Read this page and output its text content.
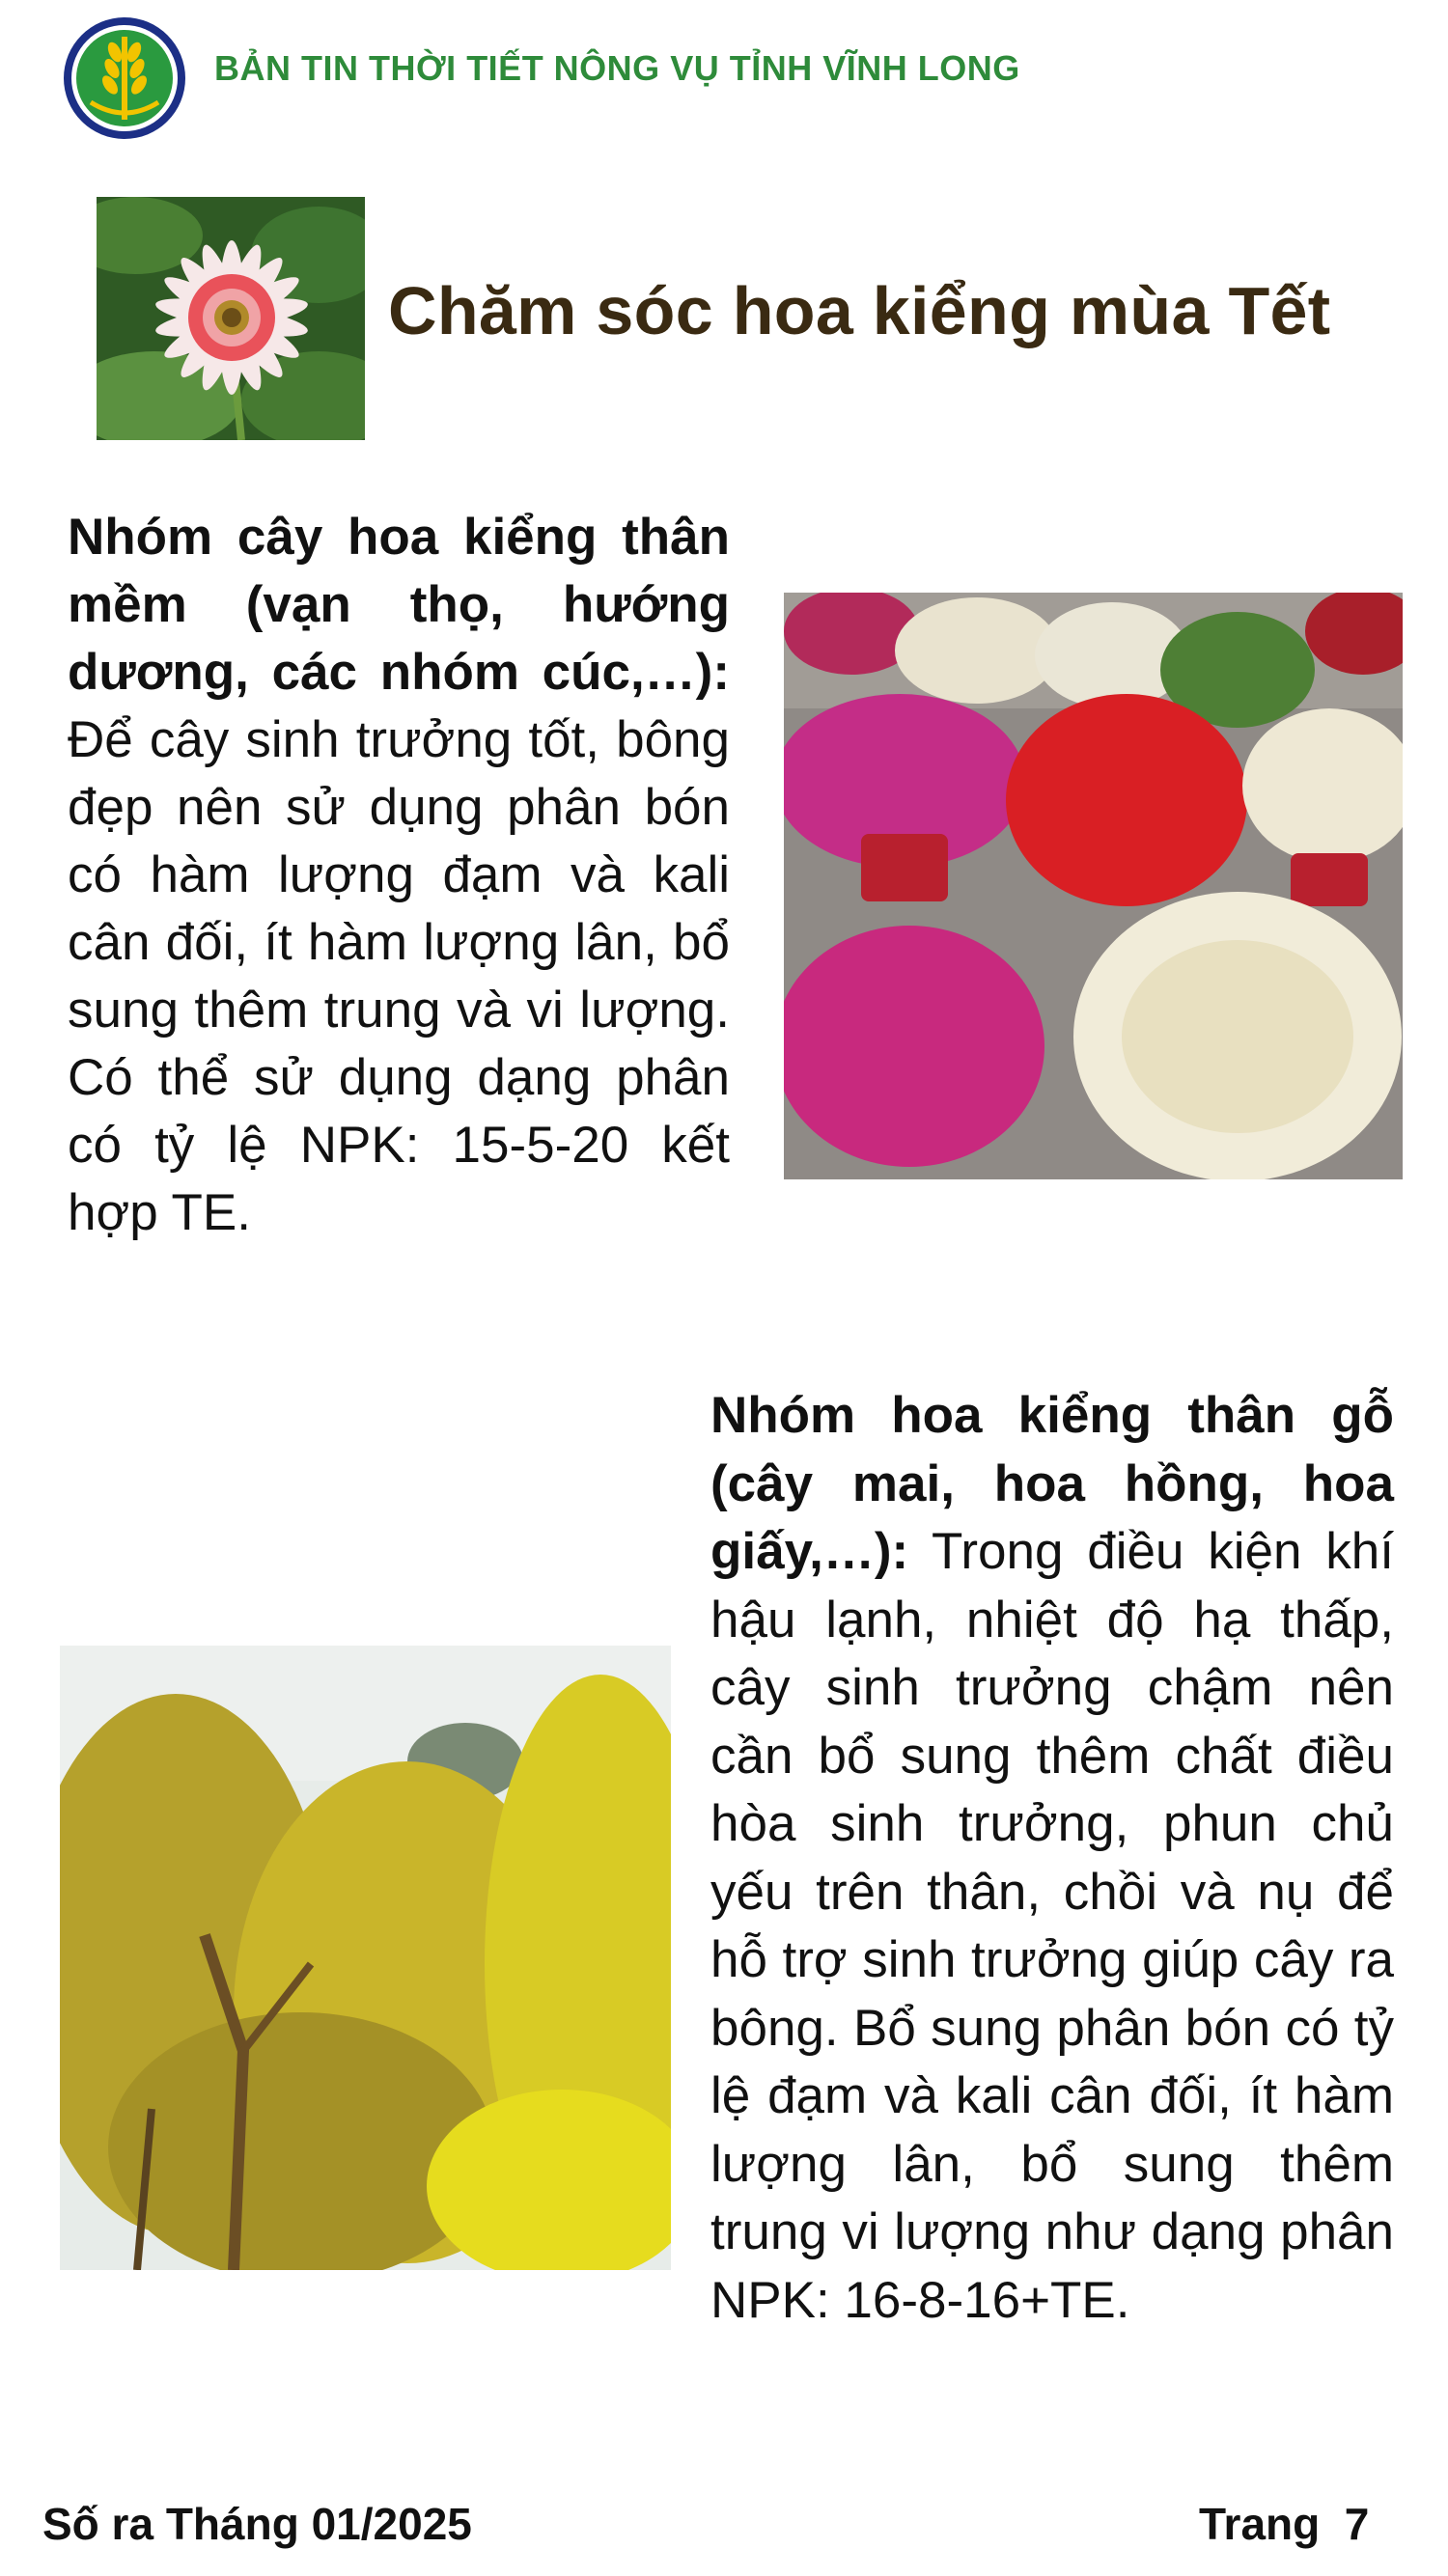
BẢN TIN THỜI TIẾT NÔNG VỤ TỈNH VĨNH LONG
Chăm sóc hoa kiểng mùa Tết

Nhóm cây hoa kiểng thân mềm (vạn thọ, hướng dương, các nhóm cúc,…): Để cây sinh trưởng tốt, bông đẹp nên sử dụng phân bón có hàm lượng đạm và kali cân đối, ít hàm lượng lân, bổ sung thêm trung và vi lượng. Có thể sử dụng dạng phân có tỷ lệ NPK: 15-5-20 kết hợp TE.

Nhóm hoa kiểng thân gỗ (cây mai, hoa hồng, hoa giấy,…): Trong điều kiện khí hậu lạnh, nhiệt độ hạ thấp, cây sinh trưởng chậm nên cần bổ sung thêm chất điều hòa sinh trưởng, phun chủ yếu trên thân, chồi và nụ để hỗ trợ sinh trưởng giúp cây ra bông. Bổ sung phân bón có tỷ lệ đạm và kali cân đối, ít hàm lượng lân, bổ sung thêm trung vi lượng như dạng phân NPK: 16-8-16+TE.

Số ra Tháng 01/2025	Trang  7
